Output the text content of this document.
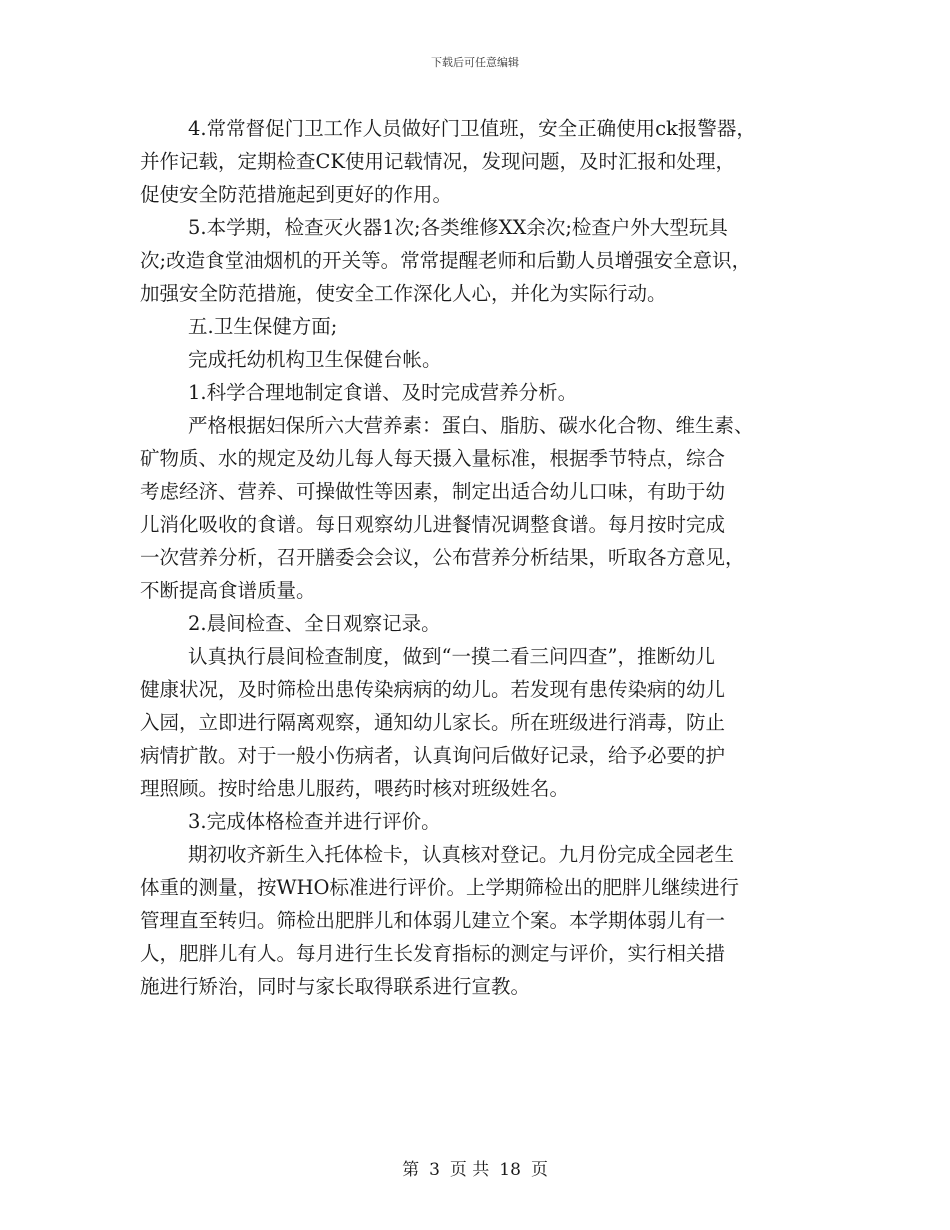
下载后可任意编辑
4.常常督促门卫工作人员做好门卫值班，安全正确使用ck报警器，
并作记载，定期检查CK使用记载情况，发现问题，及时汇报和处理，
促使安全防范措施起到更好的作用。
5.本学期，检查灭火器1次;各类维修XX余次;检查户外大型玩具
次;改造食堂油烟机的开关等。常常提醒老师和后勤人员增强安全意识，
加强安全防范措施，使安全工作深化人心，并化为实际行动。
五.卫生保健方面;
完成托幼机构卫生保健台帐。
1.科学合理地制定食谱、及时完成营养分析。
严格根据妇保所六大营养素：蛋白、脂肪、碳水化合物、维生素、
矿物质、水的规定及幼儿每人每天摄入量标准，根据季节特点，综合
考虑经济、营养、可操做性等因素，制定出适合幼儿口味，有助于幼
儿消化吸收的食谱。每日观察幼儿进餐情况调整食谱。每月按时完成
一次营养分析，召开膳委会会议，公布营养分析结果，听取各方意见，
不断提高食谱质量。
2.晨间检查、全日观察记录。
认真执行晨间检查制度，做到“一摸二看三问四查”，推断幼儿
健康状况，及时筛检出患传染病病的幼儿。若发现有患传染病的幼儿
入园，立即进行隔离观察，通知幼儿家长。所在班级进行消毒，防止
病情扩散。对于一般小伤病者，认真询问后做好记录，给予必要的护
理照顾。按时给患儿服药，喂药时核对班级姓名。
3.完成体格检查并进行评价。
期初收齐新生入托体检卡，认真核对登记。九月份完成全园老生
体重的测量，按WHO标准进行评价。上学期筛检出的肥胖儿继续进行
管理直至转归。筛检出肥胖儿和体弱儿建立个案。本学期体弱儿有一
人，肥胖儿有人。每月进行生长发育指标的测定与评价，实行相关措
施进行矫治，同时与家长取得联系进行宣教。
第 3 页 共 18 页
